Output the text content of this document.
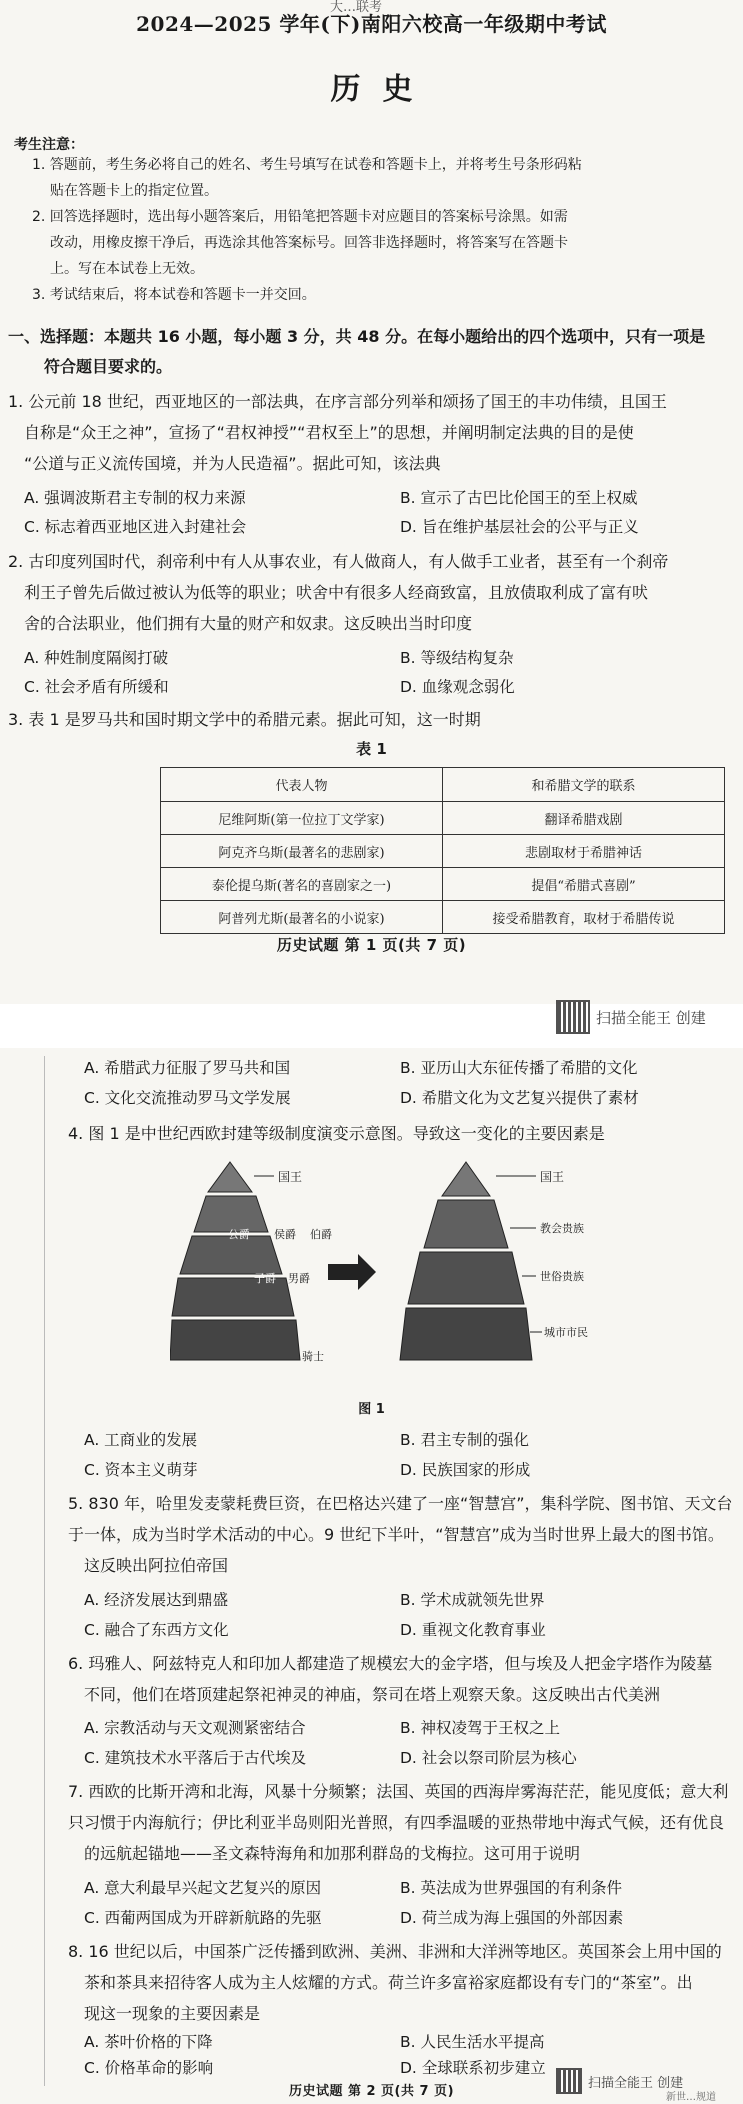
大…联考
2024—2025 学年(下)南阳六校高一年级期中考试
历史
考生注意：
1. 答题前，考生务必将自己的姓名、考生号填写在试卷和答题卡上，并将考生号条形码粘
贴在答题卡上的指定位置。
2. 回答选择题时，选出每小题答案后，用铅笔把答题卡对应题目的答案标号涂黑。如需
改动，用橡皮擦干净后，再选涂其他答案标号。回答非选择题时，将答案写在答题卡
上。写在本试卷上无效。
3. 考试结束后，将本试卷和答题卡一并交回。
一、选择题：本题共 16 小题，每小题 3 分，共 48 分。在每小题给出的四个选项中，只有一项是
符合题目要求的。
1. 公元前 18 世纪，西亚地区的一部法典，在序言部分列举和颂扬了国王的丰功伟绩，且国王
自称是“众王之神”，宣扬了“君权神授”“君权至上”的思想，并阐明制定法典的目的是使
“公道与正义流传国境，并为人民造福”。据此可知，该法典
A. 强调波斯君主专制的权力来源	B. 宣示了古巴比伦国王的至上权威
C. 标志着西亚地区进入封建社会	D. 旨在维护基层社会的公平与正义
2. 古印度列国时代，刹帝利中有人从事农业，有人做商人，有人做手工业者，甚至有一个刹帝
利王子曾先后做过被认为低等的职业；吠舍中有很多人经商致富，且放债取利成了富有吠
舍的合法职业，他们拥有大量的财产和奴隶。这反映出当时印度
A. 种姓制度隔阂打破	B. 等级结构复杂
C. 社会矛盾有所缓和	D. 血缘观念弱化
3. 表 1 是罗马共和国时期文学中的希腊元素。据此可知，这一时期
表 1
代表人物	和希腊文学的联系
尼维阿斯(第一位拉丁文学家)	翻译希腊戏剧
阿克齐乌斯(最著名的悲剧家)	悲剧取材于希腊神话
泰伦提乌斯(著名的喜剧家之一)	提倡“希腊式喜剧”
阿普列尤斯(最著名的小说家)	接受希腊教育，取材于希腊传说
历史试题 第 1 页(共 7 页)
扫描全能王 创建
A. 希腊武力征服了罗马共和国	B. 亚历山大东征传播了希腊的文化
C. 文化交流推动罗马文学发展	D. 希腊文化为文艺复兴提供了素材
4. 图 1 是中世纪西欧封建等级制度演变示意图。导致这一变化的主要因素是
国王
公爵 侯爵 伯爵
子爵 男爵
骑士
国王
教会贵族
世俗贵族
城市市民
图 1
A. 工商业的发展	B. 君主专制的强化
C. 资本主义萌芽	D. 民族国家的形成
5. 830 年，哈里发麦蒙耗费巨资，在巴格达兴建了一座“智慧宫”，集科学院、图书馆、天文台于 一体，成为当时学术活动的中心。9 世纪下半叶，“智慧宫”成为当时世界上最大的图书馆。
这反映出阿拉伯帝国
A. 经济发展达到鼎盛	B. 学术成就领先世界
C. 融合了东西方文化	D. 重视文化教育事业
6. 玛雅人、阿兹特克人和印加人都建造了规模宏大的金字塔，但与埃及人把金字塔作为陵墓
不同，他们在塔顶建起祭祀神灵的神庙，祭司在塔上观察天象。这反映出古代美洲
A. 宗教活动与天文观测紧密结合	B. 神权凌驾于王权之上
C. 建筑技术水平落后于古代埃及	D. 社会以祭司阶层为核心
7. 西欧的比斯开湾和北海，风暴十分频繁；法国、英国的西海岸雾海茫茫，能见度低；意大利只 习惯于内海航行；伊比利亚半岛则阳光普照，有四季温暖的亚热带地中海式气候，还有优良
的远航起锚地——圣文森特海角和加那利群岛的戈梅拉。这可用于说明
A. 意大利最早兴起文艺复兴的原因	B. 英法成为世界强国的有利条件
C. 西葡两国成为开辟新航路的先驱	D. 荷兰成为海上强国的外部因素
8. 16 世纪以后，中国茶广泛传播到欧洲、美洲、非洲和大洋洲等地区。英国茶会上用中国的
茶和茶具来招待客人成为主人炫耀的方式。荷兰许多富裕家庭都设有专门的“茶室”。出
现这一现象的主要因素是
A. 茶叶价格的下降	B. 人民生活水平提高
C. 价格革命的影响	D. 全球联系初步建立
历史试题 第 2 页(共 7 页)
扫描全能王 创建
新世…规道
